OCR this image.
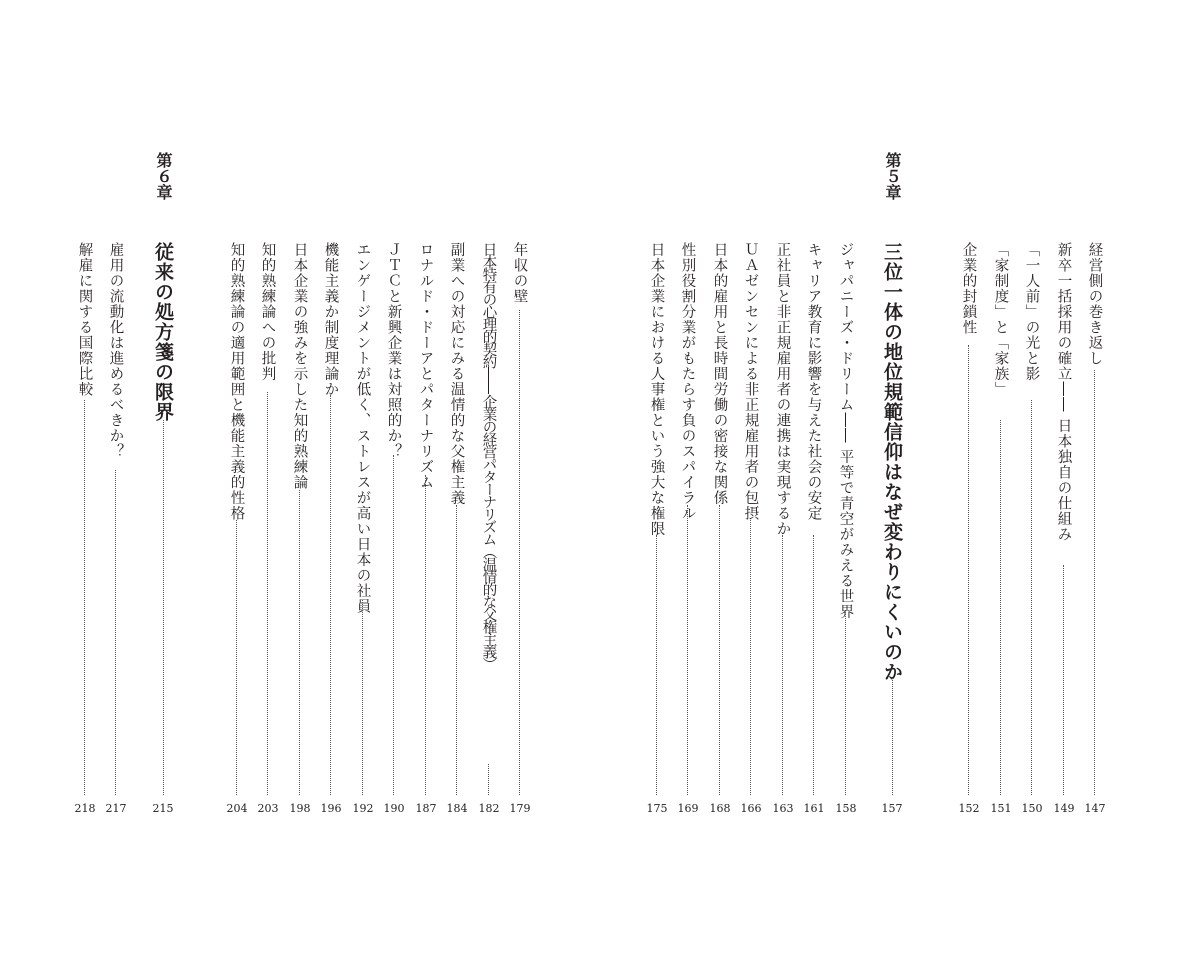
経営側の巻き返し
147
新卒一括採用の確立―― 日本独自の仕組み
149
「一人前」の光と影
150
「家制度」と「家族」
151
企業的封鎖性
152
第５章
三位一体の地位規範信仰はなぜ変わりにくいのか
157
ジャパニーズ・ドリーム―― 平等で青空がみえる世界
158
キャリア教育に影響を与えた社会の安定
161
正社員と非正規雇用者の連携は実現するか
163
ＵＡゼンセンによる非正規雇用者の包摂
166
日本的雇用と長時間労働の密接な関係
168
性別役割分業がもたらす負のスパイラル
169
日本企業における人事権という強大な権限
175
年収の壁
179
日本特有の心理的契約―― 企業の経営パターナリズム（温情的な父権主義）
182
副業への対応にみる温情的な父権主義
184
ロナルド・ドーアとパターナリズム
187
ＪＴＣと新興企業は対照的か？
190
エンゲージメントが低く、ストレスが高い日本の社員
192
機能主義か制度理論か
196
日本企業の強みを示した知的熟練論
198
知的熟練論への批判
203
知的熟練論の適用範囲と機能主義的性格
204
第６章
従来の処方箋の限界
215
雇用の流動化は進めるべきか？
217
解雇に関する国際比較
218
